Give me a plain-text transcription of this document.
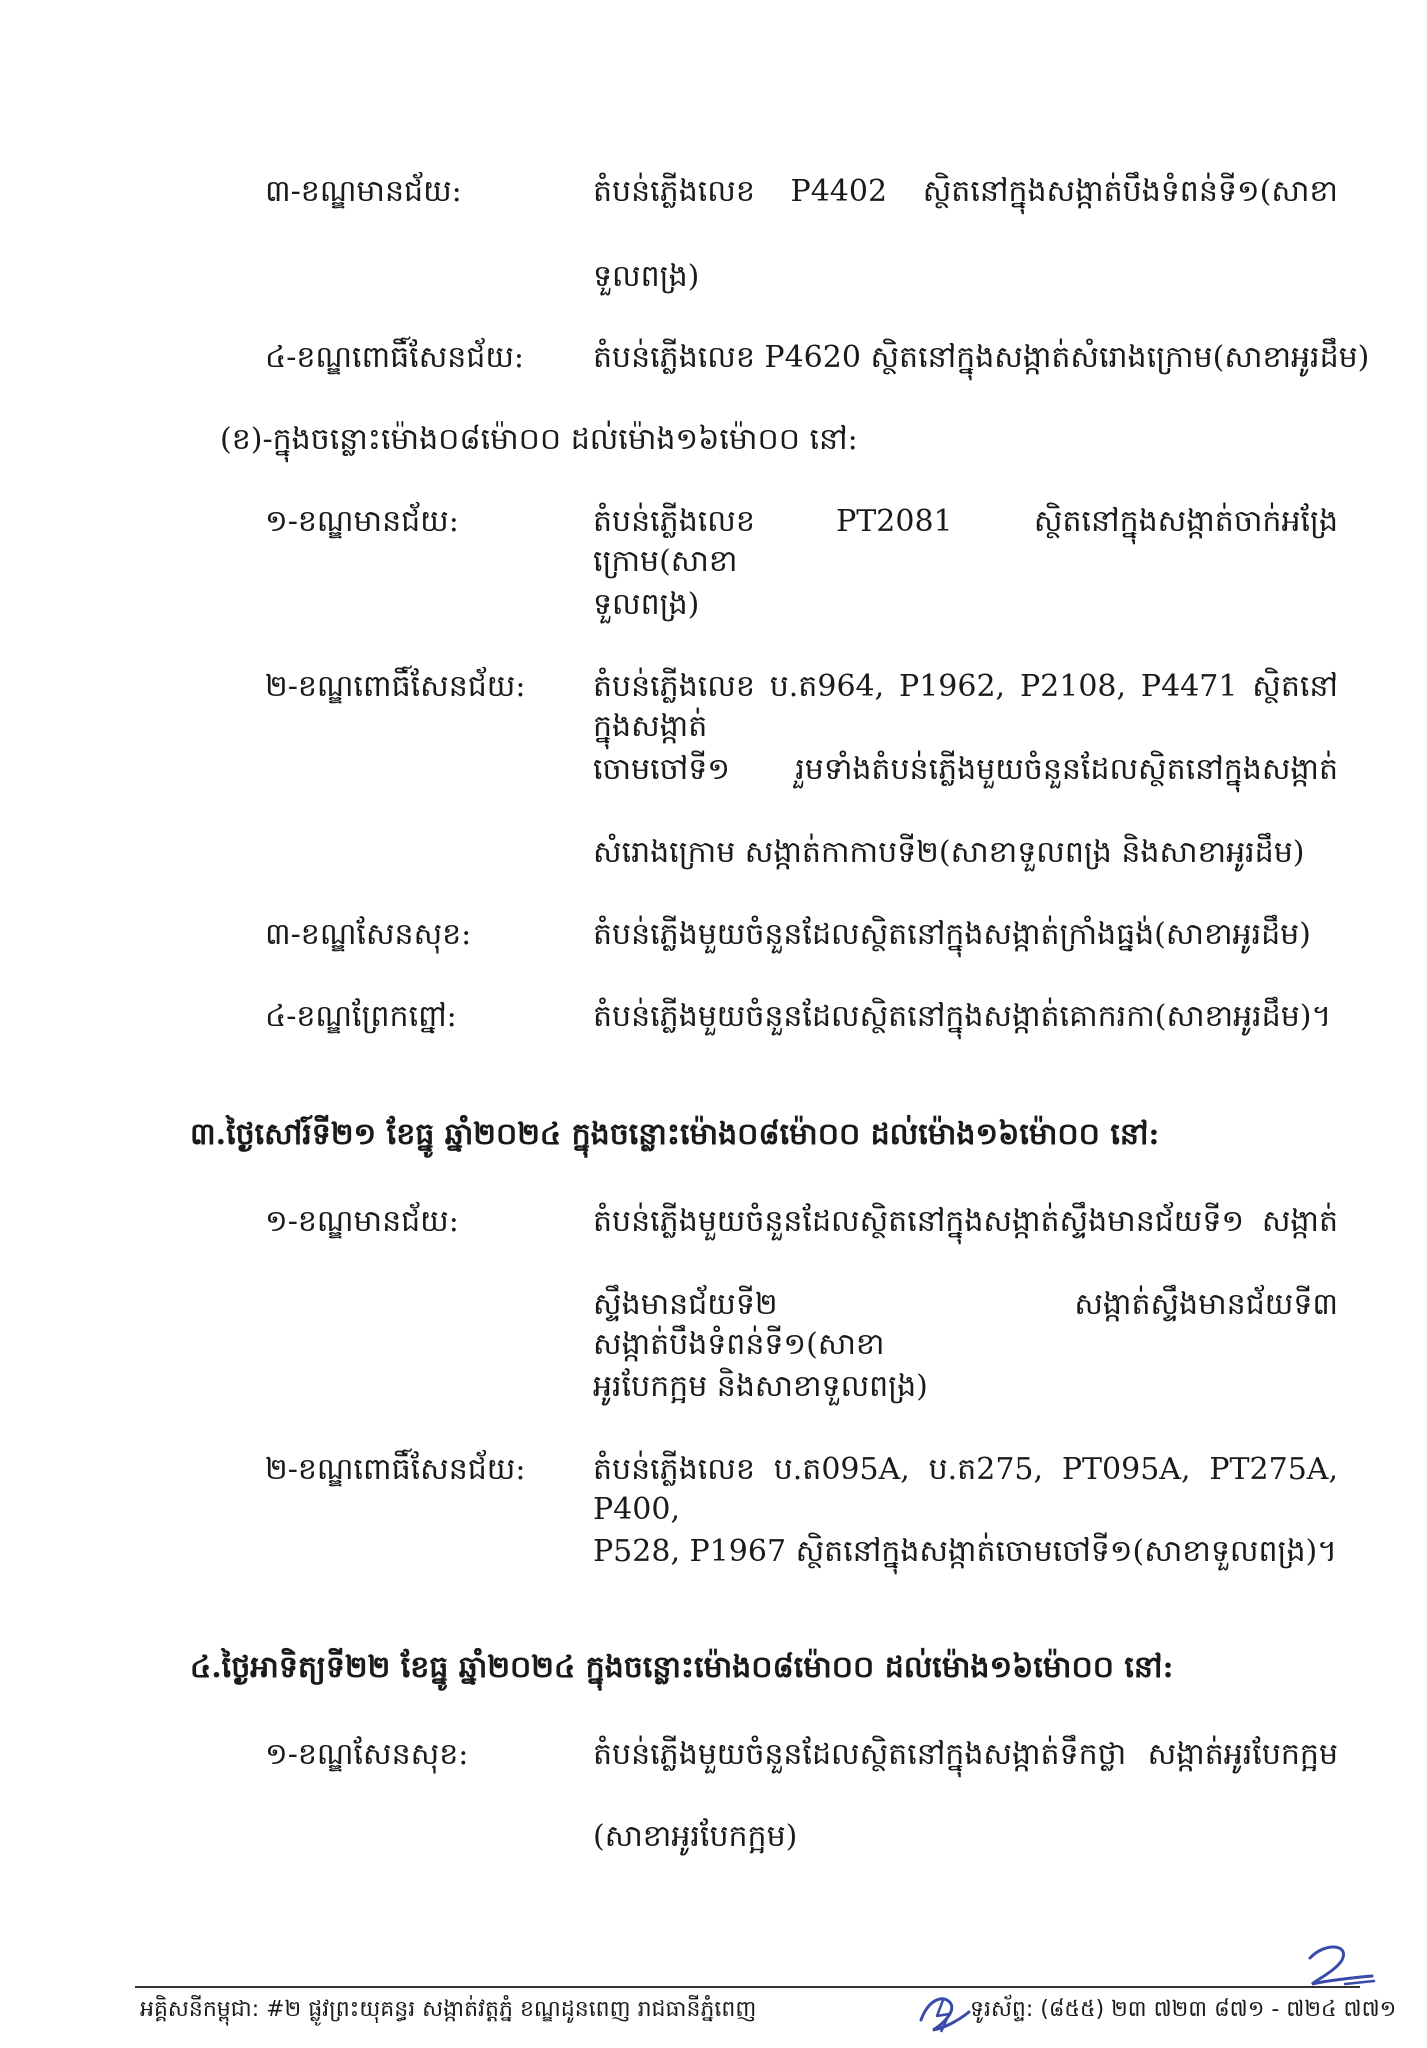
៣-ខណ្ឌមានជ័យ:	តំបន់ភ្លើងលេខ P4402 ស្ថិតនៅក្នុងសង្កាត់បឹងទំពន់ទី១(សាខា
ទួលពង្រ)
៤-ខណ្ឌពោធិ៍សែនជ័យ: តំបន់ភ្លើងលេខ P4620 ស្ថិតនៅក្នុងសង្កាត់សំរោងក្រោម(សាខាអូរដឹម)
(ខ)-ក្នុងចន្លោះម៉ោង០៨ម៉ោ០០ ដល់ម៉ោង១៦ម៉ោ០០ នៅ:
១-ខណ្ឌមានជ័យ:	តំបន់ភ្លើងលេខ PT2081 ស្ថិតនៅក្នុងសង្កាត់ចាក់អង្រែក្រោម(សាខា
ទួលពង្រ)
២-ខណ្ឌពោធិ៍សែនជ័យ: តំបន់ភ្លើងលេខ ប.ត964, P1962, P2108, P4471 ស្ថិតនៅក្នុងសង្កាត់
ចោមចៅទី១ រួមទាំងតំបន់ភ្លើងមួយចំនួនដែលស្ថិតនៅក្នុងសង្កាត់
សំរោងក្រោម សង្កាត់កាកាបទី២(សាខាទួលពង្រ និងសាខាអូរដឹម)
៣-ខណ្ឌសែនសុខ:	តំបន់ភ្លើងមួយចំនួនដែលស្ថិតនៅក្នុងសង្កាត់ក្រាំងធ្នង់(សាខាអូរដឹម)
៤-ខណ្ឌព្រែកព្នៅ:	តំបន់ភ្លើងមួយចំនួនដែលស្ថិតនៅក្នុងសង្កាត់គោករកា(សាខាអូរដឹម)។
៣.ថ្ងៃសៅរ៍ទី២១ ខែធ្នូ ឆ្នាំ២០២៤ ក្នុងចន្លោះម៉ោង០៨ម៉ោ០០ ដល់ម៉ោង១៦ម៉ោ០០ នៅ:
១-ខណ្ឌមានជ័យ:	តំបន់ភ្លើងមួយចំនួនដែលស្ថិតនៅក្នុងសង្កាត់ស្ទឹងមានជ័យទី១ សង្កាត់
ស្ទឹងមានជ័យទី២ សង្កាត់ស្ទឹងមានជ័យទី៣ សង្កាត់បឹងទំពន់ទី១(សាខា
អូរបែកក្អម និងសាខាទួលពង្រ)
២-ខណ្ឌពោធិ៍សែនជ័យ: តំបន់ភ្លើងលេខ ប.ត095A, ប.ត275, PT095A, PT275A, P400,
P528, P1967 ស្ថិតនៅក្នុងសង្កាត់ចោមចៅទី១(សាខាទួលពង្រ)។
៤.ថ្ងៃអាទិត្យទី២២ ខែធ្នូ ឆ្នាំ២០២៤ ក្នុងចន្លោះម៉ោង០៨ម៉ោ០០ ដល់ម៉ោង១៦ម៉ោ០០ នៅ:
១-ខណ្ឌសែនសុខ:	តំបន់ភ្លើងមួយចំនួនដែលស្ថិតនៅក្នុងសង្កាត់ទឹកថ្លា សង្កាត់អូរបែកក្អម
(សាខាអូរបែកក្អម)
អគ្គិសនីកម្ពុជា: #២ ផ្លូវព្រះយុគន្ធរ សង្កាត់វត្តភ្នំ ខណ្ឌដូនពេញ រាជធានីភ្នំពេញ	ទូរស័ព្ទ: (៨៥៥) ២៣ ៧២៣ ៨៧១ - ៧២៤ ៧៧១
